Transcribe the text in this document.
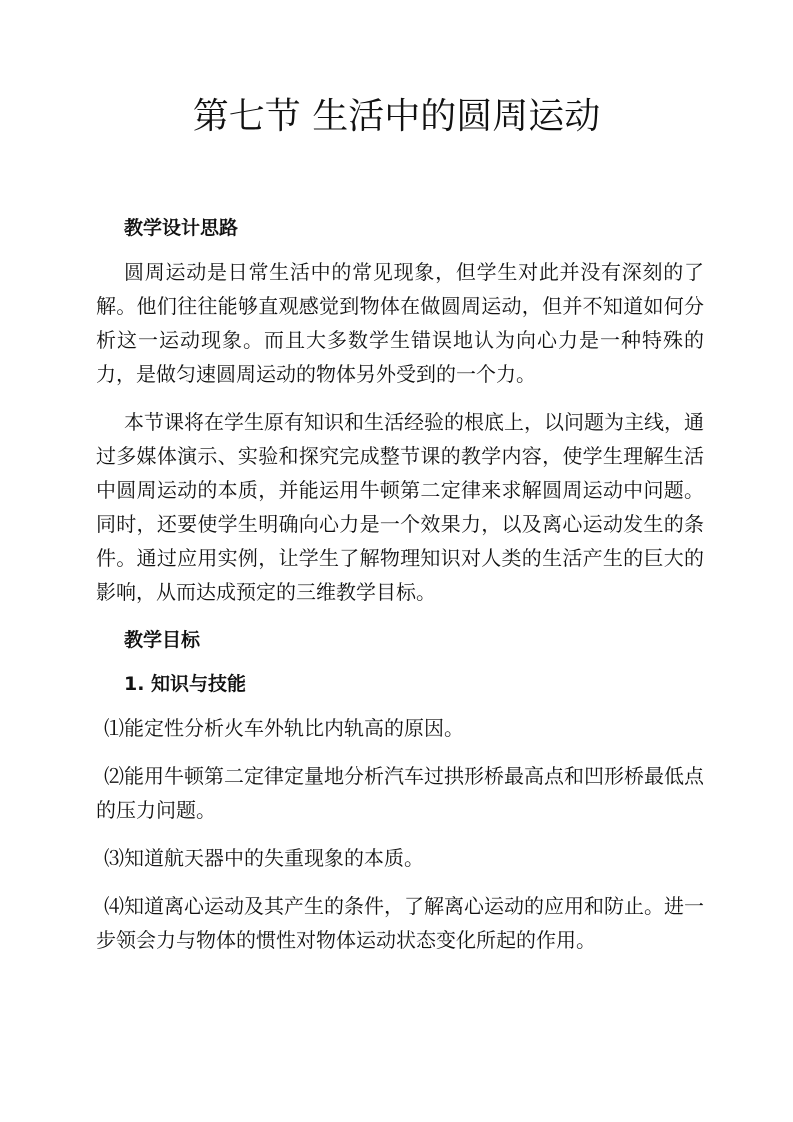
第七节 生活中的圆周运动

教学设计思路

圆周运动是日常生活中的常见现象，但学生对此并没有深刻的了解。他们往往能够直观感觉到物体在做圆周运动，但并不知道如何分析这一运动现象。而且大多数学生错误地认为向心力是一种特殊的力，是做匀速圆周运动的物体另外受到的一个力。

本节课将在学生原有知识和生活经验的根底上，以问题为主线，通过多媒体演示、实验和探究完成整节课的教学内容，使学生理解生活中圆周运动的本质，并能运用牛顿第二定律来求解圆周运动中问题。同时，还要使学生明确向心力是一个效果力，以及离心运动发生的条件。通过应用实例，让学生了解物理知识对人类的生活产生的巨大的影响，从而达成预定的三维教学目标。

教学目标

1. 知识与技能

⑴能定性分析火车外轨比内轨高的原因。

⑵能用牛顿第二定律定量地分析汽车过拱形桥最高点和凹形桥最低点的压力问题。

⑶知道航天器中的失重现象的本质。

⑷知道离心运动及其产生的条件，了解离心运动的应用和防止。进一步领会力与物体的惯性对物体运动状态变化所起的作用。
